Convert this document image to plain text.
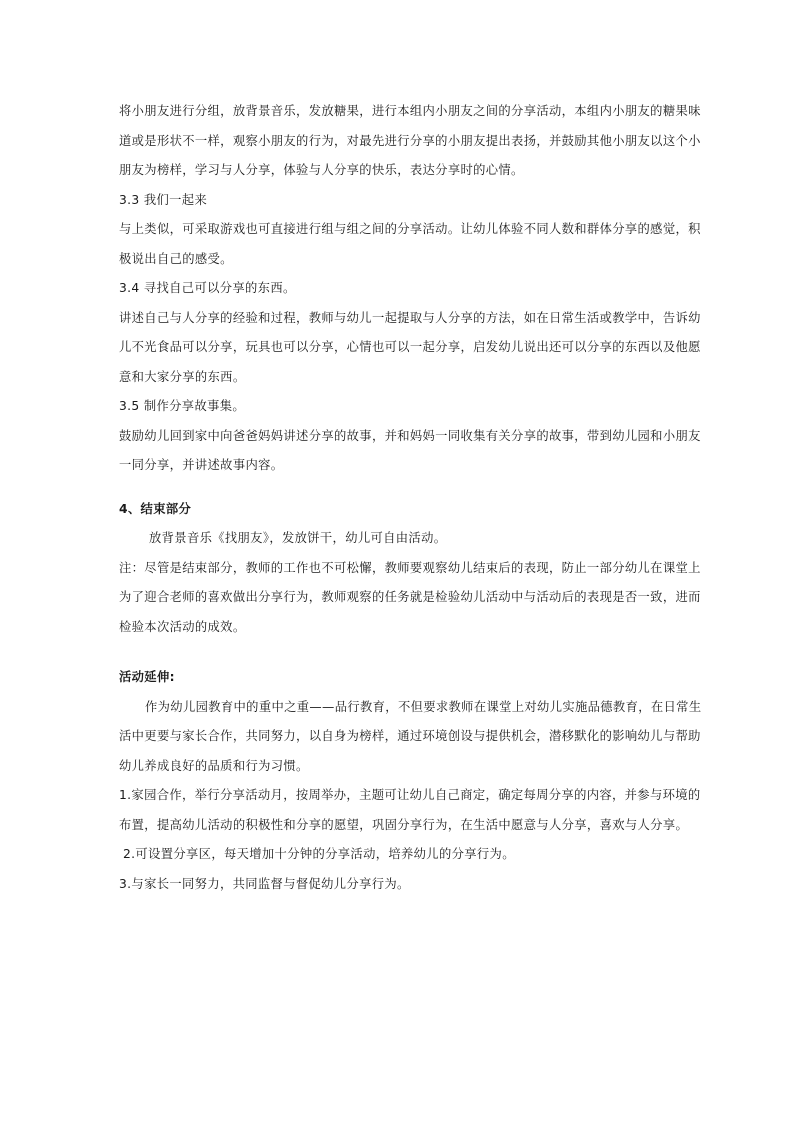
将小朋友进行分组，放背景音乐，发放糖果，进行本组内小朋友之间的分享活动，本组内小朋友的糖果味

道或是形状不一样，观察小朋友的行为，对最先进行分享的小朋友提出表扬，并鼓励其他小朋友以这个小

朋友为榜样，学习与人分享，体验与人分享的快乐，表达分享时的心情。

3.3 我们一起来

与上类似，可采取游戏也可直接进行组与组之间的分享活动。让幼儿体验不同人数和群体分享的感觉，积

极说出自己的感受。

3.4 寻找自己可以分享的东西。

讲述自己与人分享的经验和过程，教师与幼儿一起提取与人分享的方法，如在日常生活或教学中，告诉幼

儿不光食品可以分享，玩具也可以分享，心情也可以一起分享，启发幼儿说出还可以分享的东西以及他愿

意和大家分享的东西。

3.5 制作分享故事集。

鼓励幼儿回到家中向爸爸妈妈讲述分享的故事，并和妈妈一同收集有关分享的故事，带到幼儿园和小朋友

一同分享，并讲述故事内容。

4、结束部分

放背景音乐《找朋友》，发放饼干，幼儿可自由活动。

注：尽管是结束部分，教师的工作也不可松懈，教师要观察幼儿结束后的表现，防止一部分幼儿在课堂上

为了迎合老师的喜欢做出分享行为，教师观察的任务就是检验幼儿活动中与活动后的表现是否一致，进而

检验本次活动的成效。

活动延伸:

作为幼儿园教育中的重中之重——品行教育，不但要求教师在课堂上对幼儿实施品德教育，在日常生

活中更要与家长合作，共同努力，以自身为榜样，通过环境创设与提供机会，潜移默化的影响幼儿与帮助

幼儿养成良好的品质和行为习惯。

1.家园合作，举行分享活动月，按周举办，主题可让幼儿自己商定，确定每周分享的内容，并参与环境的

布置，提高幼儿活动的积极性和分享的愿望，巩固分享行为，在生活中愿意与人分享，喜欢与人分享。

2.可设置分享区，每天增加十分钟的分享活动，培养幼儿的分享行为。

3.与家长一同努力，共同监督与督促幼儿分享行为。
